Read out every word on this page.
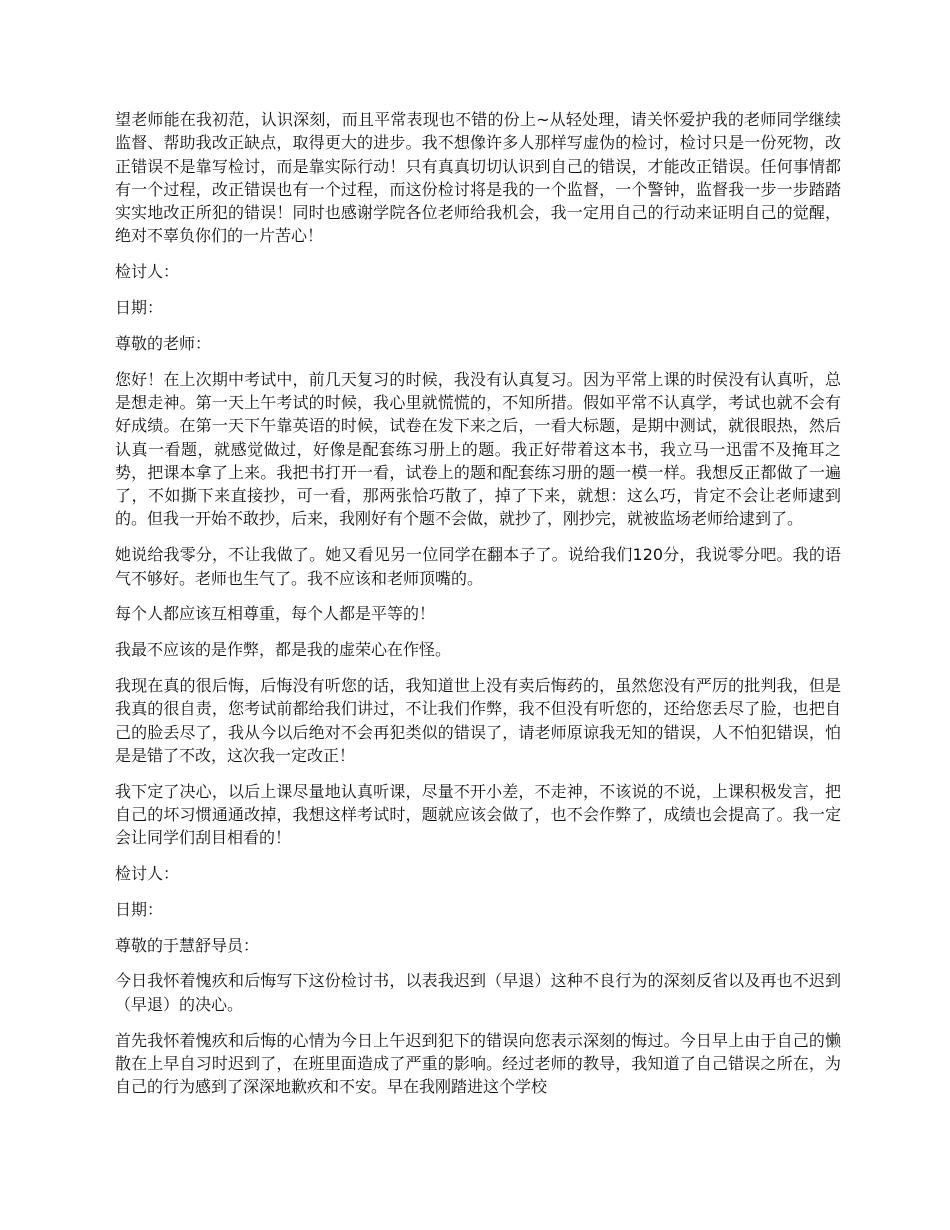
望老师能在我初范，认识深刻，而且平常表现也不错的份上~从轻处理，请关怀爱护我的老师同学继续监督、帮助我改正缺点，取得更大的进步。我不想像许多人那样写虚伪的检讨，检讨只是一份死物，改正错误不是靠写检讨，而是靠实际行动！只有真真切切认识到自己的错误，才能改正错误。任何事情都有一个过程，改正错误也有一个过程，而这份检讨将是我的一个监督，一个警钟，监督我一步一步踏踏实实地改正所犯的错误！同时也感谢学院各位老师给我机会，我一定用自己的行动来证明自己的觉醒，绝对不辜负你们的一片苦心！

检讨人：

日期：

尊敬的老师：

您好！在上次期中考试中，前几天复习的时候，我没有认真复习。因为平常上课的时侯没有认真听，总是想走神。第一天上午考试的时候，我心里就慌慌的，不知所措。假如平常不认真学，考试也就不会有好成绩。在第一天下午靠英语的时候，试卷在发下来之后，一看大标题，是期中测试，就很眼热，然后认真一看题，就感觉做过，好像是配套练习册上的题。我正好带着这本书，我立马一迅雷不及掩耳之势，把课本拿了上来。我把书打开一看，试卷上的题和配套练习册的题一模一样。我想反正都做了一遍了，不如撕下来直接抄，可一看，那两张恰巧散了，掉了下来，就想：这么巧，肯定不会让老师逮到的。但我一开始不敢抄，后来，我刚好有个题不会做，就抄了，刚抄完，就被监场老师给逮到了。

她说给我零分，不让我做了。她又看见另一位同学在翻本子了。说给我们120分，我说零分吧。我的语气不够好。老师也生气了。我不应该和老师顶嘴的。

每个人都应该互相尊重，每个人都是平等的！

我最不应该的是作弊，都是我的虚荣心在作怪。

我现在真的很后悔，后悔没有听您的话，我知道世上没有卖后悔药的，虽然您没有严厉的批判我，但是我真的很自责，您考试前都给我们讲过，不让我们作弊，我不但没有听您的，还给您丢尽了脸，也把自己的脸丢尽了，我从今以后绝对不会再犯类似的错误了，请老师原谅我无知的错误，人不怕犯错误，怕是是错了不改，这次我一定改正！

我下定了决心，以后上课尽量地认真听课，尽量不开小差，不走神，不该说的不说，上课积极发言，把自己的坏习惯通通改掉，我想这样考试时，题就应该会做了，也不会作弊了，成绩也会提高了。我一定会让同学们刮目相看的！

检讨人：

日期：

尊敬的于慧舒导员：

今日我怀着愧疚和后悔写下这份检讨书，以表我迟到（早退）这种不良行为的深刻反省以及再也不迟到（早退）的决心。

首先我怀着愧疚和后悔的心情为今日上午迟到犯下的错误向您表示深刻的悔过。今日早上由于自己的懒散在上早自习时迟到了，在班里面造成了严重的影响。经过老师的教导，我知道了自己错误之所在，为自己的行为感到了深深地歉疚和不安。早在我刚踏进这个学校
